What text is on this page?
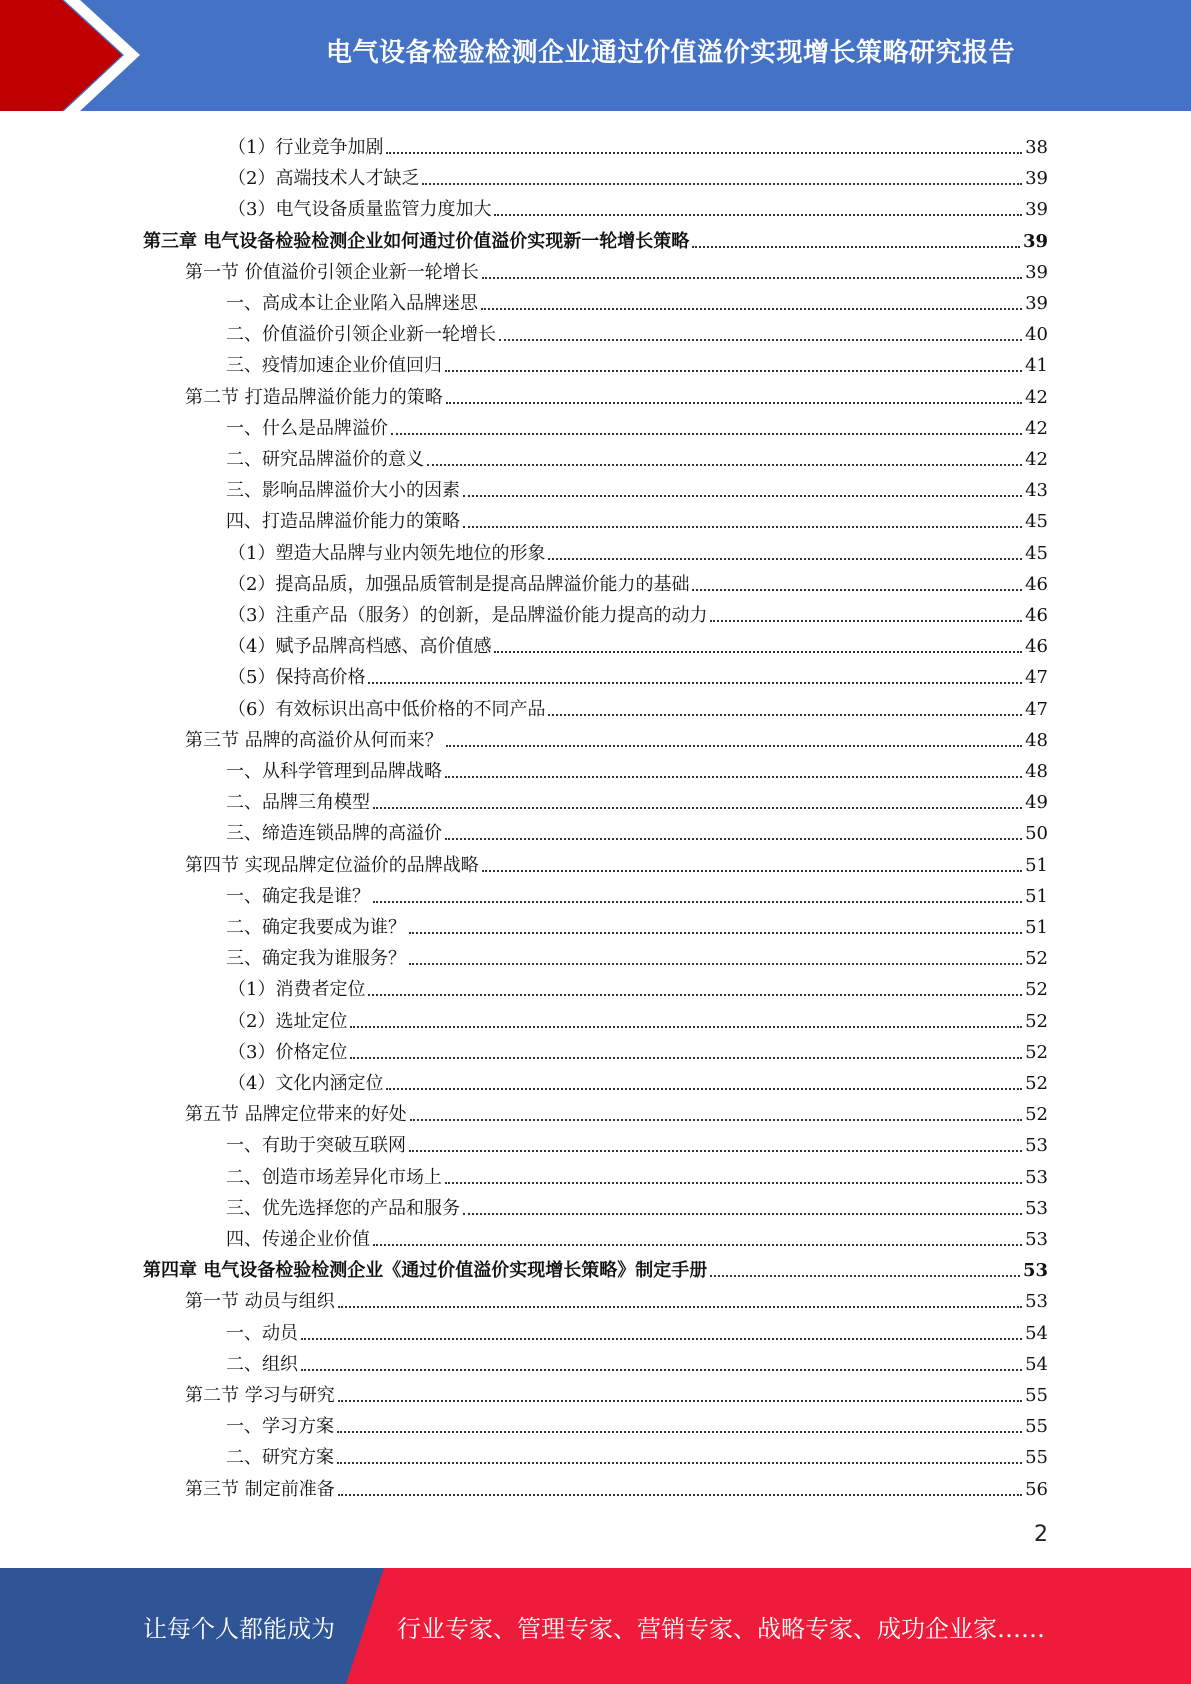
电气设备检验检测企业通过价值溢价实现增长策略研究报告
（1）行业竞争加剧	38
（2）高端技术人才缺乏	39
（3）电气设备质量监管力度加大	39
第三章 电气设备检验检测企业如何通过价值溢价实现新一轮增长策略	39
第一节 价值溢价引领企业新一轮增长	39
一、高成本让企业陷入品牌迷思	39
二、价值溢价引领企业新一轮增长	40
三、疫情加速企业价值回归	41
第二节 打造品牌溢价能力的策略	42
一、什么是品牌溢价	42
二、研究品牌溢价的意义	42
三、影响品牌溢价大小的因素	43
四、打造品牌溢价能力的策略	45
（1）塑造大品牌与业内领先地位的形象	45
（2）提高品质，加强品质管制是提高品牌溢价能力的基础	46
（3）注重产品（服务）的创新，是品牌溢价能力提高的动力	46
（4）赋予品牌高档感、高价值感	46
（5）保持高价格	47
（6）有效标识出高中低价格的不同产品	47
第三节 品牌的高溢价从何而来？	48
一、从科学管理到品牌战略	48
二、品牌三角模型	49
三、缔造连锁品牌的高溢价	50
第四节 实现品牌定位溢价的品牌战略	51
一、确定我是谁？	51
二、确定我要成为谁？	51
三、确定我为谁服务？	52
（1）消费者定位	52
（2）选址定位	52
（3）价格定位	52
（4）文化内涵定位	52
第五节 品牌定位带来的好处	52
一、有助于突破互联网	53
二、创造市场差异化市场上	53
三、优先选择您的产品和服务	53
四、传递企业价值	53
第四章 电气设备检验检测企业《通过价值溢价实现增长策略》制定手册	53
第一节 动员与组织	53
一、动员	54
二、组织	54
第二节 学习与研究	55
一、学习方案	55
二、研究方案	55
第三节 制定前准备	56
2
让每个人都能成为	行业专家、管理专家、营销专家、战略专家、成功企业家……
